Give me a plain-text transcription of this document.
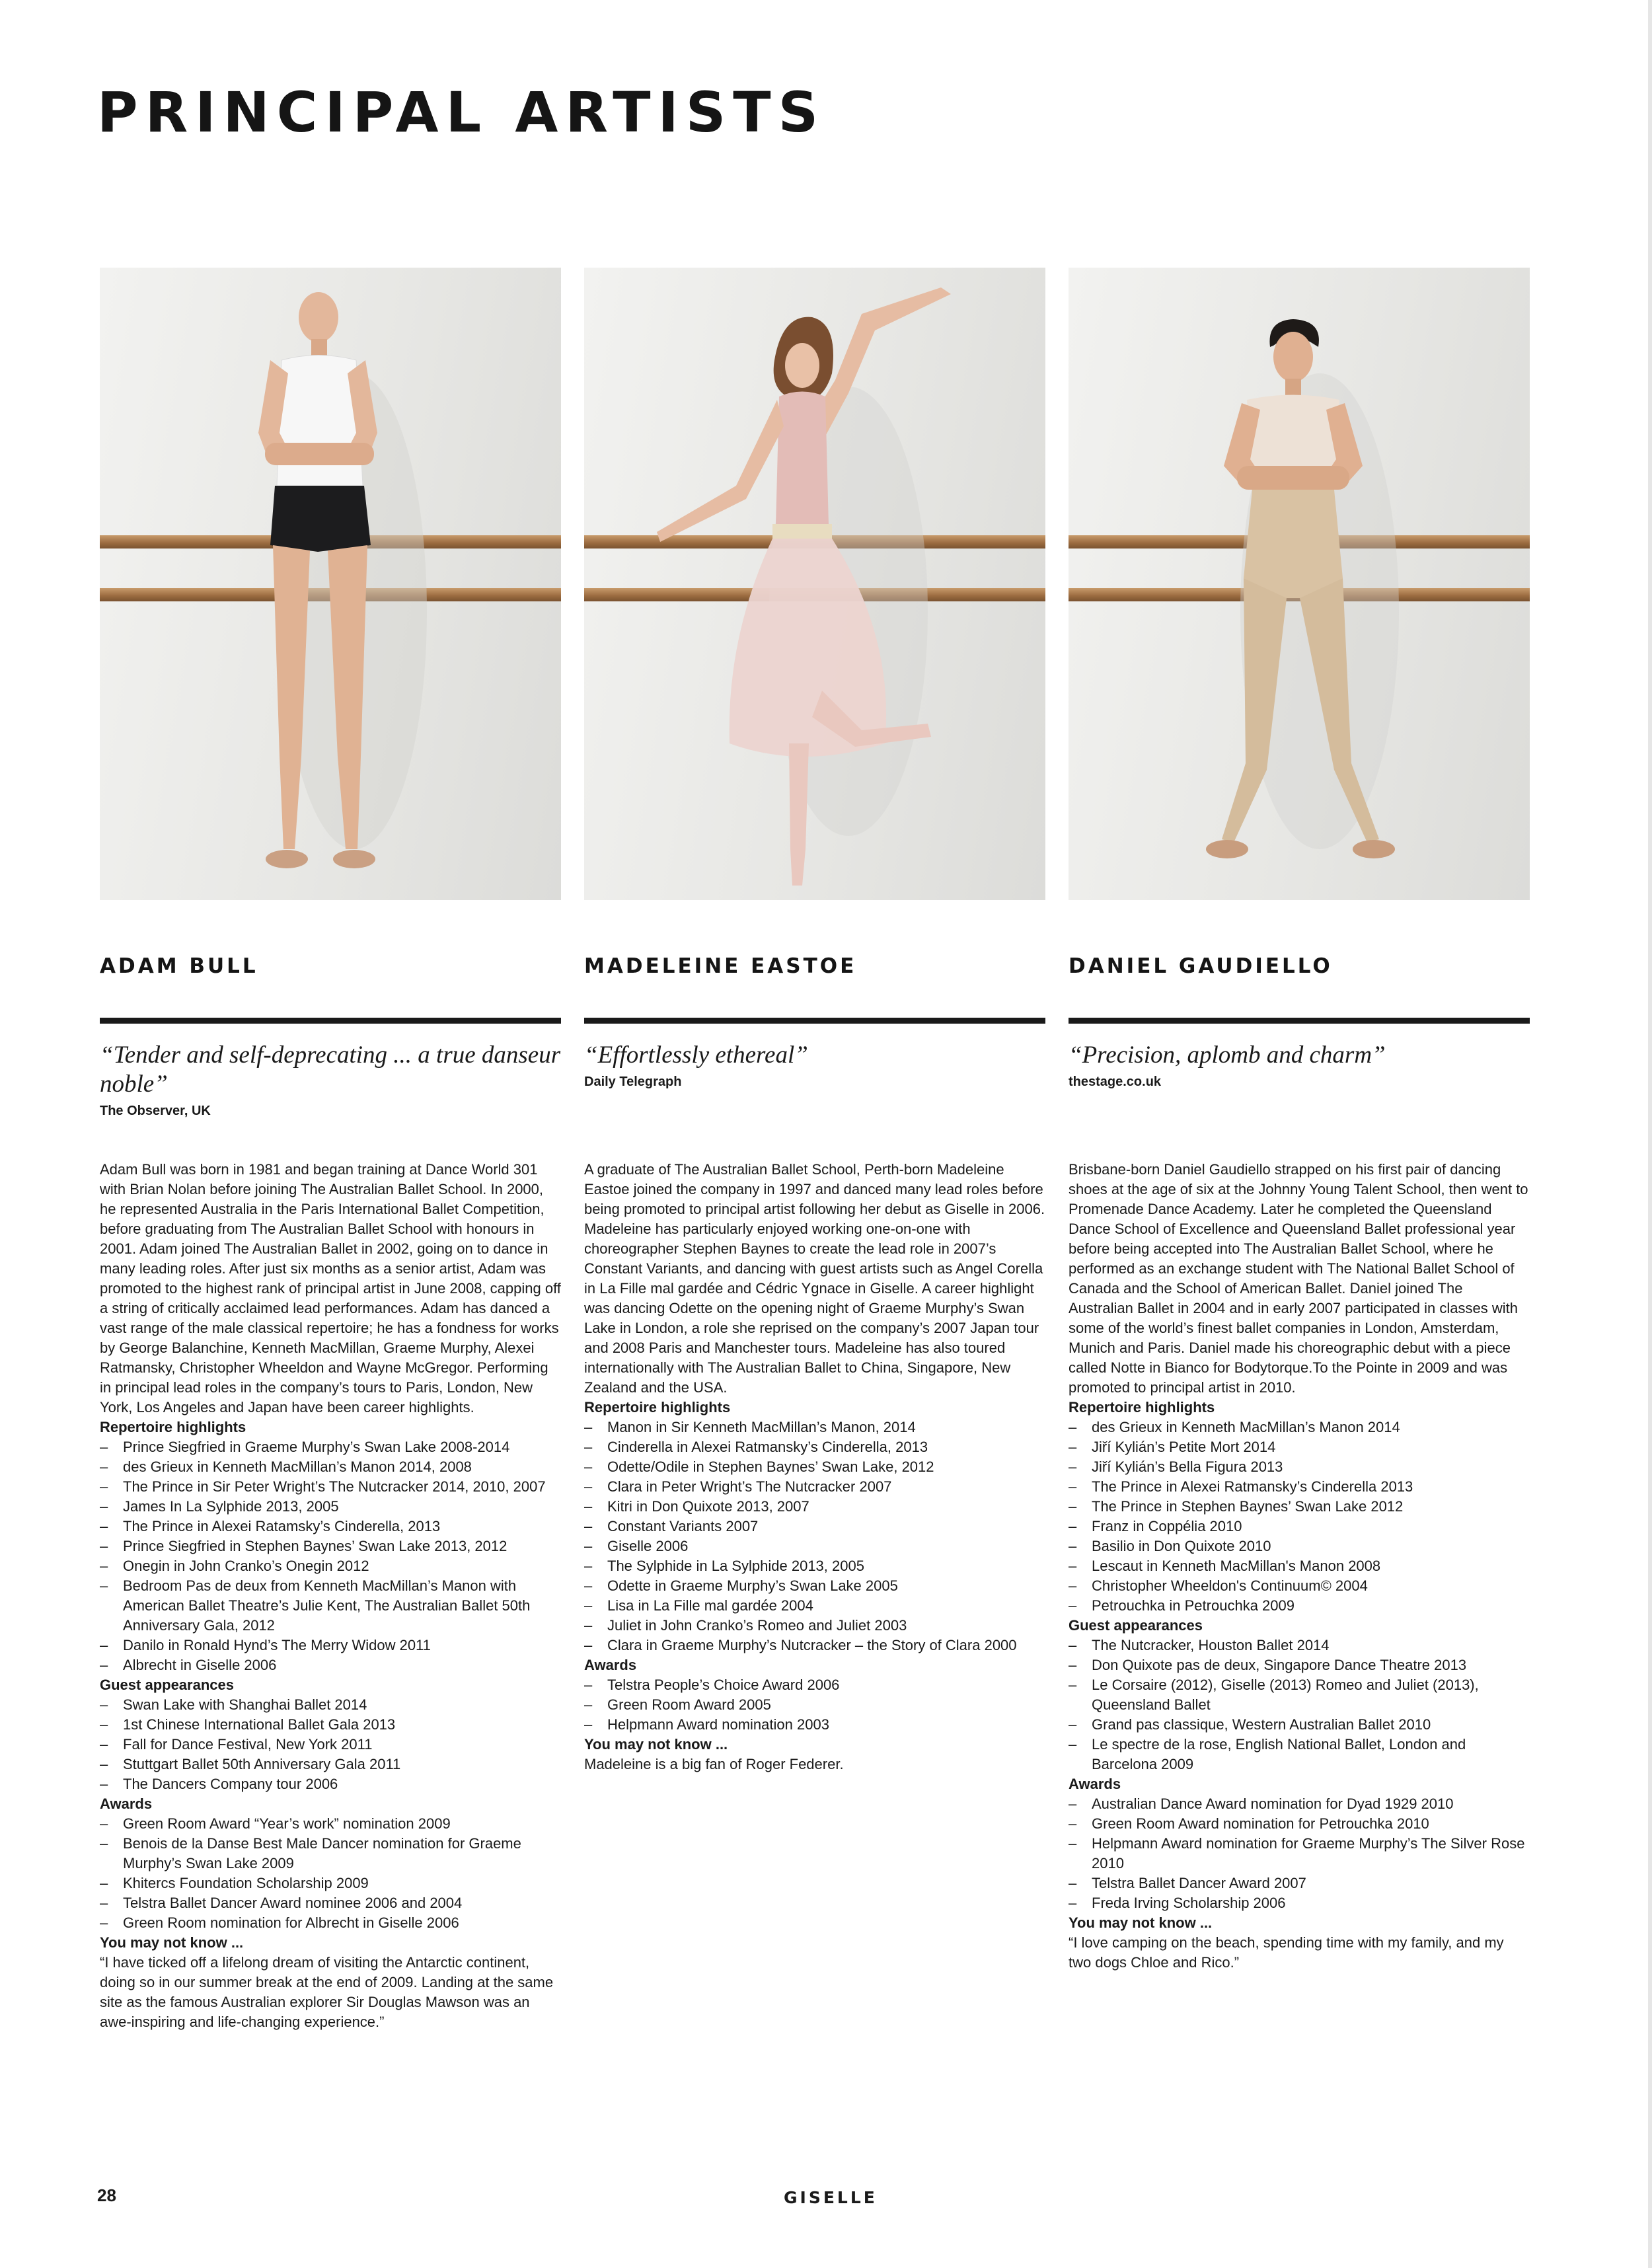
PRINCIPAL ARTISTS
ADAM BULL

“Tender and self-deprecating ... a true danseur noble”

The Observer, UK

MADELEINE EASTOE

“Effortlessly ethereal”

Daily Telegraph

DANIEL GAUDIELLO

“Precision, aplomb and charm”

thestage.co.uk

Adam Bull was born in 1981 and began training at Dance World 301 with Brian Nolan before joining The Australian Ballet School. In 2000, he represented Australia in the Paris International Ballet Competition, before graduating from The Australian Ballet School with honours in 2001. Adam joined The Australian Ballet in 2002, going on to dance in many leading roles. After just six months as a senior artist, Adam was promoted to the highest rank of principal artist in June 2008, capping off a string of critically acclaimed lead performances. Adam has danced a vast range of the male classical repertoire; he has a fondness for works by George Balanchine, Kenneth MacMillan, Graeme Murphy, Alexei Ratmansky, Christopher Wheeldon and Wayne McGregor. Performing in principal lead roles in the company’s tours to Paris, London, New York, Los Angeles and Japan have been career highlights.

Repertoire highlights

– Prince Siegfried in Graeme Murphy’s Swan Lake 2008-2014
– des Grieux in Kenneth MacMillan’s Manon 2014, 2008
– The Prince in Sir Peter Wright’s The Nutcracker 2014, 2010, 2007
– James In La Sylphide 2013, 2005
– The Prince in Alexei Ratamsky’s Cinderella, 2013
– Prince Siegfried in Stephen Baynes’ Swan Lake 2013, 2012
– Onegin in John Cranko’s Onegin 2012
– Bedroom Pas de deux from Kenneth MacMillan’s Manon with American Ballet Theatre’s Julie Kent, The Australian Ballet 50th Anniversary Gala, 2012
– Danilo in Ronald Hynd’s The Merry Widow 2011
– Albrecht in Giselle 2006

Guest appearances

– Swan Lake with Shanghai Ballet 2014
– 1st Chinese International Ballet Gala 2013
– Fall for Dance Festival, New York 2011
– Stuttgart Ballet 50th Anniversary Gala 2011
– The Dancers Company tour 2006

Awards

– Green Room Award “Year’s work” nomination 2009
– Benois de la Danse Best Male Dancer nomination for Graeme Murphy’s Swan Lake 2009
– Khitercs Foundation Scholarship 2009
– Telstra Ballet Dancer Award nominee 2006 and 2004
– Green Room nomination for Albrecht in Giselle 2006

You may not know ...

“I have ticked off a lifelong dream of visiting the Antarctic continent, doing so in our summer break at the end of 2009. Landing at the same site as the famous Australian explorer Sir Douglas Mawson was an awe-inspiring and life-changing experience.”

A graduate of The Australian Ballet School, Perth-born Madeleine Eastoe joined the company in 1997 and danced many lead roles before being promoted to principal artist following her debut as Giselle in 2006. Madeleine has particularly enjoyed working one-on-one with choreographer Stephen Baynes to create the lead role in 2007’s Constant Variants, and dancing with guest artists such as Angel Corella in La Fille mal gardée and Cédric Ygnace in Giselle. A career highlight was dancing Odette on the opening night of Graeme Murphy’s Swan Lake in London, a role she reprised on the company’s 2007 Japan tour and 2008 Paris and Manchester tours. Madeleine has also toured internationally with The Australian Ballet to China, Singapore, New Zealand and the USA.

Repertoire highlights

– Manon in Sir Kenneth MacMillan’s Manon, 2014
– Cinderella in Alexei Ratmansky’s Cinderella, 2013
– Odette/Odile in Stephen Baynes’ Swan Lake, 2012
– Clara in Peter Wright’s The Nutcracker 2007
– Kitri in Don Quixote 2013, 2007
– Constant Variants 2007
– Giselle 2006
– The Sylphide in La Sylphide 2013, 2005
– Odette in Graeme Murphy’s Swan Lake 2005
– Lisa in La Fille mal gardée 2004
– Juliet in John Cranko’s Romeo and Juliet 2003
– Clara in Graeme Murphy’s Nutcracker – the Story of Clara 2000

Awards

– Telstra People’s Choice Award 2006
– Green Room Award 2005
– Helpmann Award nomination 2003

You may not know ...

Madeleine is a big fan of Roger Federer.

Brisbane-born Daniel Gaudiello strapped on his first pair of dancing shoes at the age of six at the Johnny Young Talent School, then went to Promenade Dance Academy. Later he completed the Queensland Dance School of Excellence and Queensland Ballet professional year before being accepted into The Australian Ballet School, where he performed as an exchange student with The National Ballet School of Canada and the School of American Ballet. Daniel joined The Australian Ballet in 2004 and in early 2007 participated in classes with some of the world’s finest ballet companies in London, Amsterdam, Munich and Paris. Daniel made his choreographic debut with a piece called Notte in Bianco for Bodytorque.To the Pointe in 2009 and was promoted to principal artist in 2010.

Repertoire highlights

– des Grieux in Kenneth MacMillan’s Manon 2014
– Jiří Kylián’s Petite Mort 2014
– Jiří Kylián’s Bella Figura 2013
– The Prince in Alexei Ratmansky’s Cinderella 2013
– The Prince in Stephen Baynes’ Swan Lake 2012
– Franz in Coppélia 2010
– Basilio in Don Quixote 2010
– Lescaut in Kenneth MacMillan's Manon 2008
– Christopher Wheeldon's Continuum© 2004
– Petrouchka in Petrouchka 2009

Guest appearances

– The Nutcracker, Houston Ballet 2014
– Don Quixote pas de deux, Singapore Dance Theatre 2013
– Le Corsaire (2012), Giselle (2013) Romeo and Juliet (2013), Queensland Ballet
– Grand pas classique, Western Australian Ballet 2010
– Le spectre de la rose, English National Ballet, London and Barcelona 2009

Awards

– Australian Dance Award nomination for Dyad 1929 2010
– Green Room Award nomination for Petrouchka 2010
– Helpmann Award nomination for Graeme Murphy’s The Silver Rose 2010
– Telstra Ballet Dancer Award 2007
– Freda Irving Scholarship 2006

You may not know ...

“I love camping on the beach, spending time with my family, and my two dogs Chloe and Rico.”

28	GISELLE
